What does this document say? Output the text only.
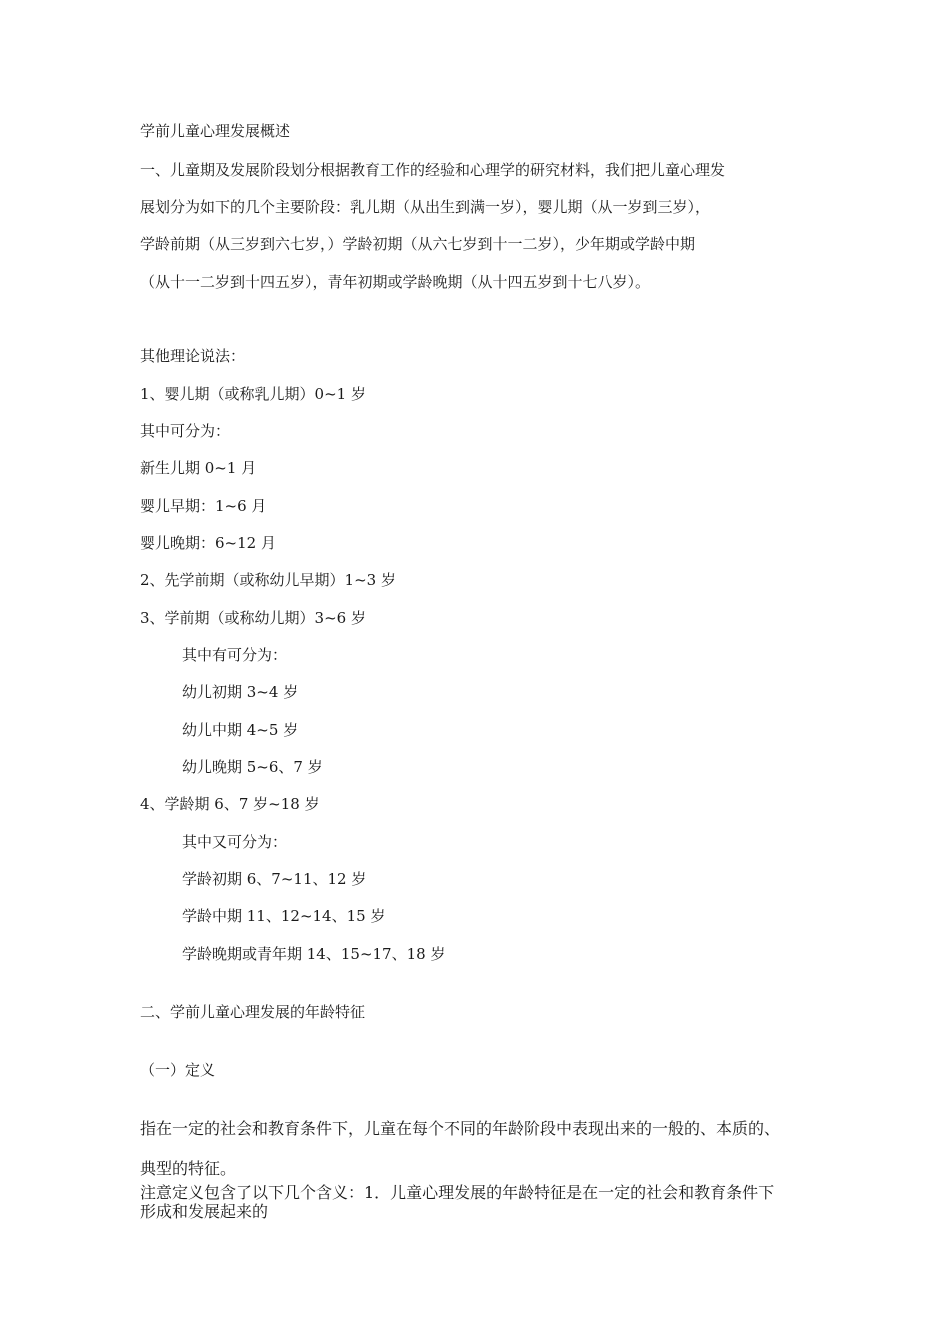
学前儿童心理发展概述
一、儿童期及发展阶段划分根据教育工作的经验和心理学的研究材料，我们把儿童心理发
展划分为如下的几个主要阶段：乳儿期（从出生到满一岁），婴儿期（从一岁到三岁），
学龄前期（从三岁到六七岁，）学龄初期（从六七岁到十一二岁），少年期或学龄中期
（从十一二岁到十四五岁），青年初期或学龄晚期（从十四五岁到十七八岁）。
其他理论说法：
1、婴儿期（或称乳儿期）0~1 岁
其中可分为：
新生儿期 0~1 月
婴儿早期：1~6 月
婴儿晚期：6~12 月
2、先学前期（或称幼儿早期）1~3 岁
3、学前期（或称幼儿期）3~6 岁
其中有可分为：
幼儿初期 3~4 岁
幼儿中期 4~5 岁
幼儿晚期 5~6、7 岁
4、学龄期 6、7 岁~18 岁
其中又可分为：
学龄初期 6、7~11、12 岁
学龄中期 11、12~14、15 岁
学龄晚期或青年期 14、15~17、18 岁
二、学前儿童心理发展的年龄特征
（一）定义
指在一定的社会和教育条件下，儿童在每个不同的年龄阶段中表现出来的一般的、本质的、
典型的特征。
注意定义包含了以下几个含义：1．儿童心理发展的年龄特征是在一定的社会和教育条件下
形成和发展起来的
